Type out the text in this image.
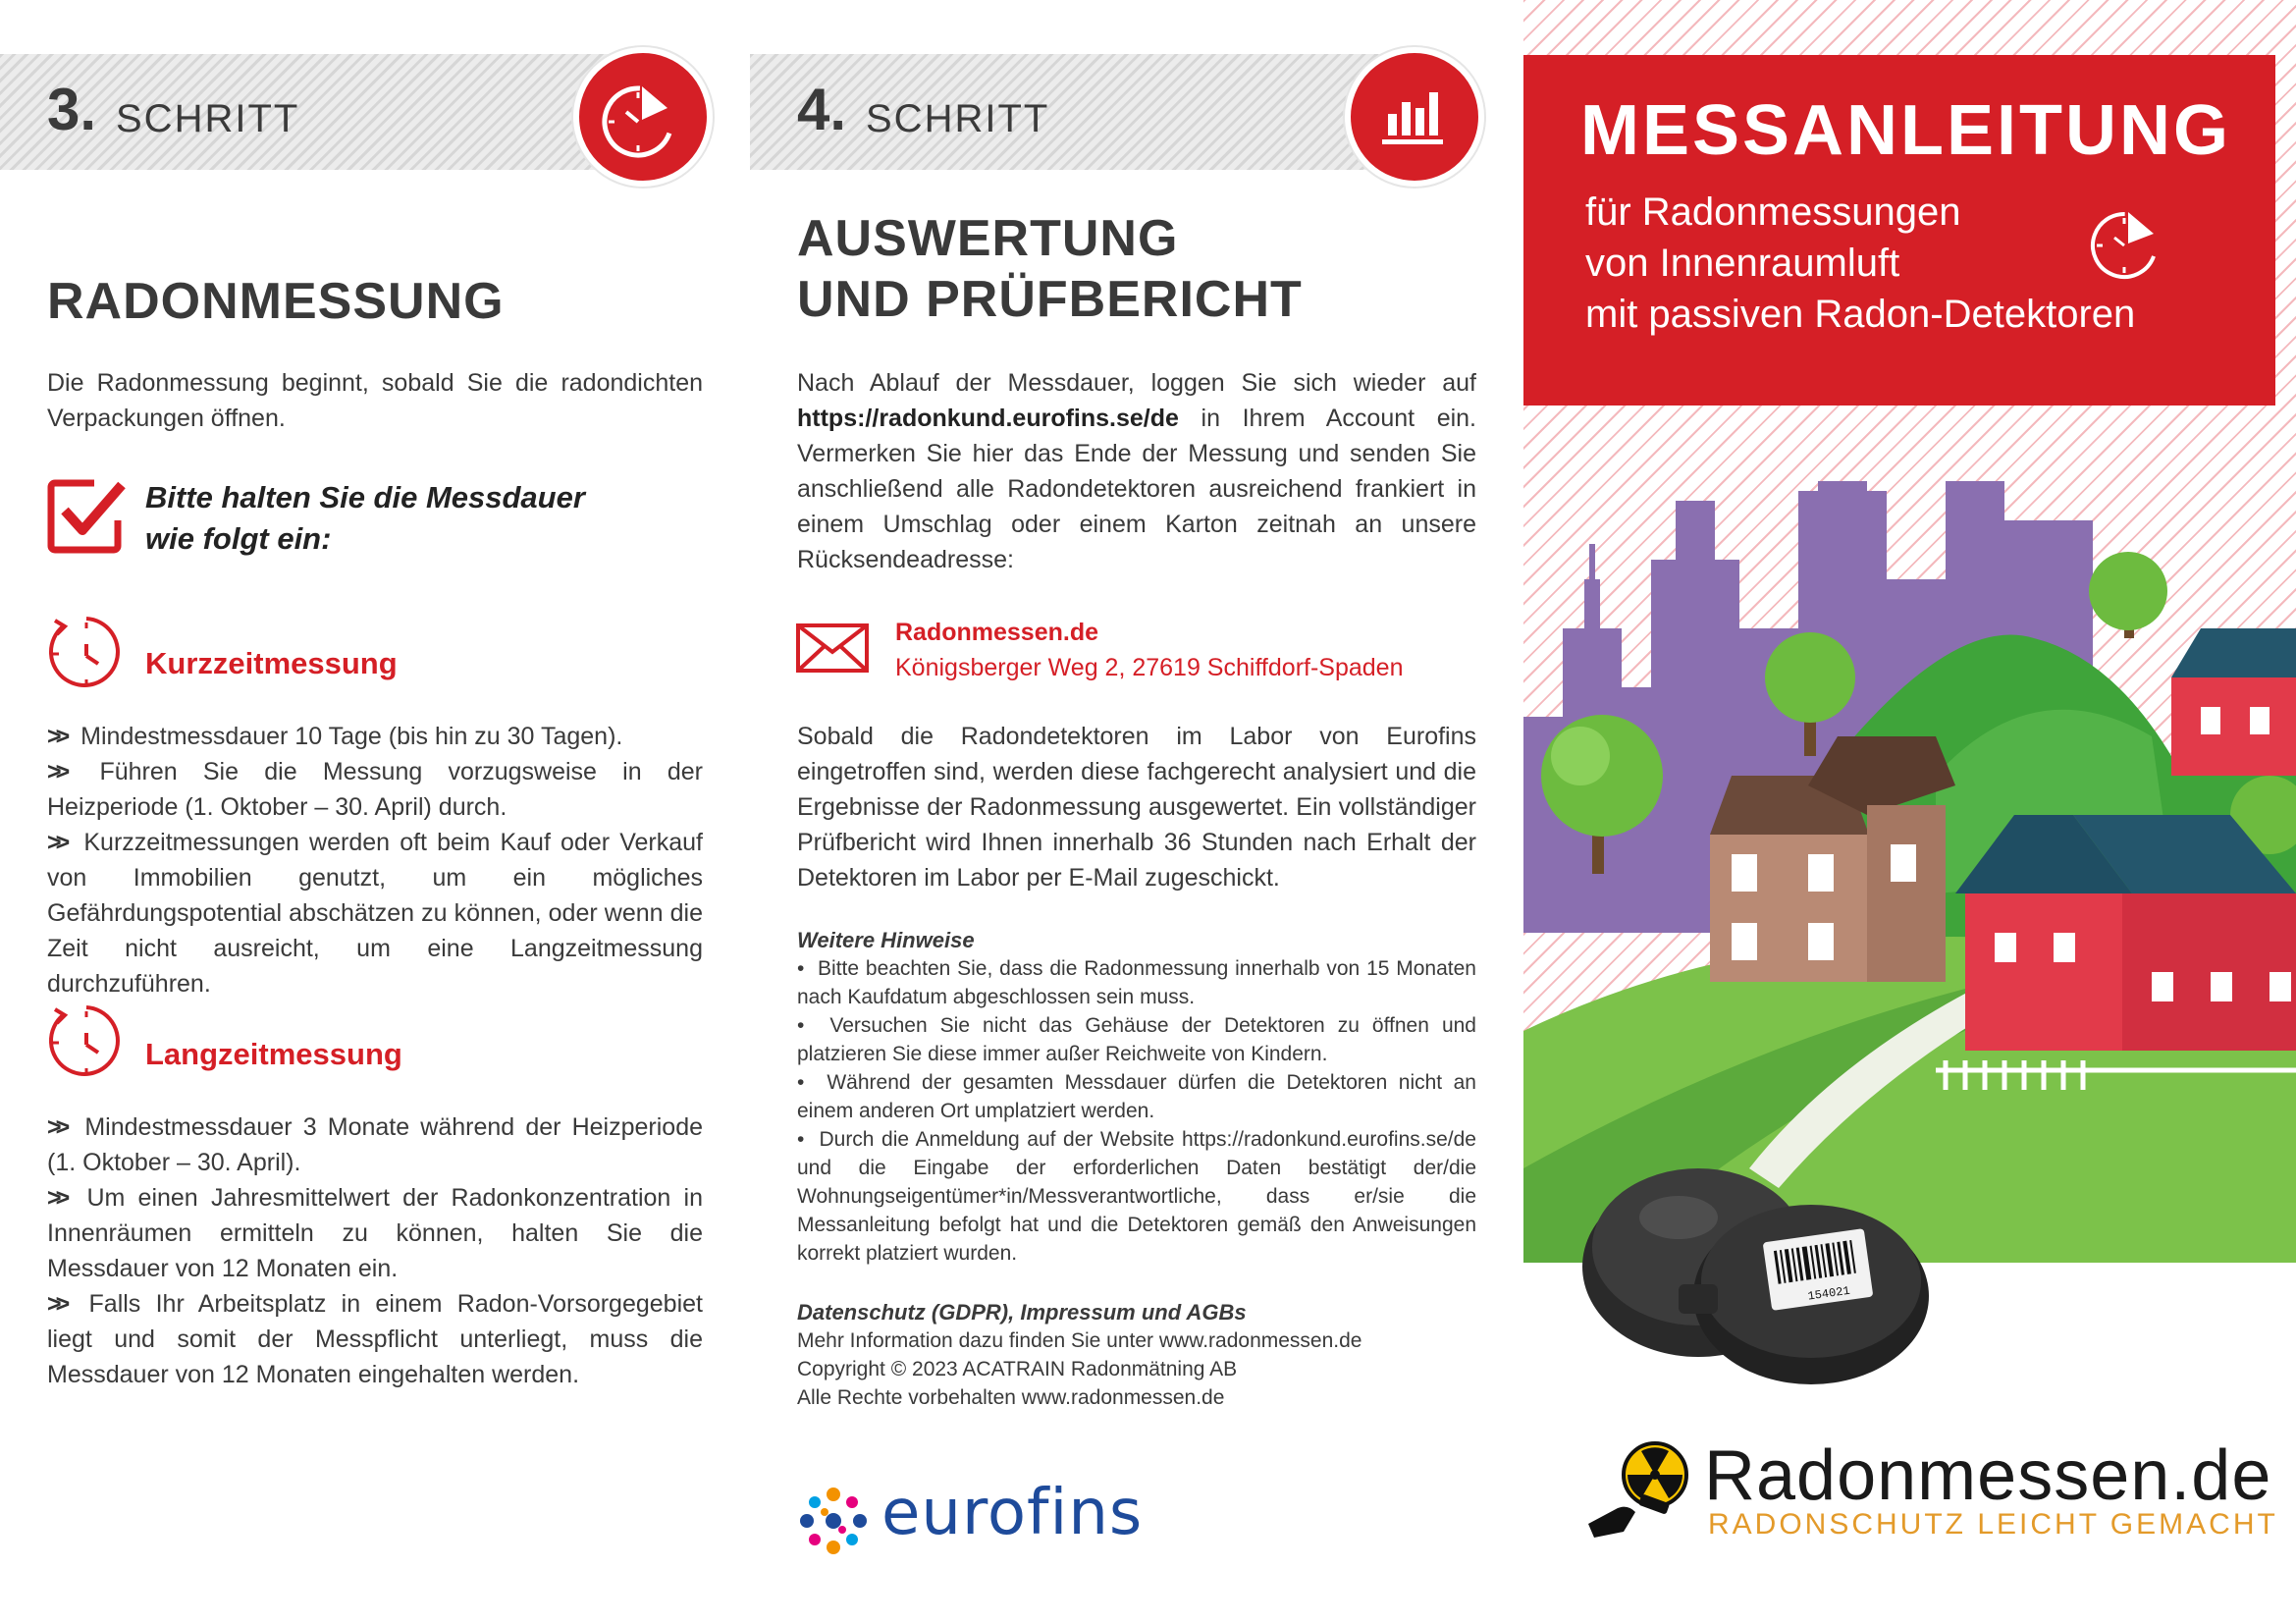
3. SCHRITT
RADONMESSUNG

Die Radonmessung beginnt, sobald Sie die radondichten Verpackungen öffnen.

Bitte halten Sie die Messdauer
wie folgt ein:
Kurzzeitmessung

>> Mindestmessdauer 10 Tage (bis hin zu 30 Tagen).

>> Führen Sie die Messung vorzugsweise in der Heizperiode (1. Oktober – 30. April) durch.

>> Kurzzeitmessungen werden oft beim Kauf oder Verkauf von Immobilien genutzt, um ein mögliches Gefährdungspotential abschätzen zu können, oder wenn die Zeit nicht ausreicht, um eine Langzeitmessung durchzuführen.

Langzeitmessung

>> Mindestmessdauer 3 Monate während der Heizperiode (1. Oktober – 30. April).

>> Um einen Jahresmittelwert der Radonkonzentration in Innenräumen ermitteln zu können, halten Sie die Messdauer von 12 Monaten ein.

>> Falls Ihr Arbeitsplatz in einem Radon-Vorsorgegebiet liegt und somit der Messpflicht unterliegt, muss die Messdauer von 12 Monaten eingehalten werden.

4. SCHRITT
AUSWERTUNG
UND PRÜFBERICHT

Nach Ablauf der Messdauer, loggen Sie sich wieder auf https://radonkund.eurofins.se/de in Ihrem Account ein. Vermerken Sie hier das Ende der Messung und senden Sie anschließend alle Radondetektoren ausreichend frankiert in einem Umschlag oder einem Karton zeitnah an unsere Rücksendeadresse:

Radonmessen.de
Königsberger Weg 2, 27619 Schiffdorf-Spaden

Sobald die Radondetektoren im Labor von Eurofins eingetroffen sind, werden diese fachgerecht analysiert und die Ergebnisse der Radonmessung ausgewertet. Ein vollständiger Prüfbericht wird Ihnen innerhalb 36 Stunden nach Erhalt der Detektoren im Labor per E-Mail zugeschickt.

Weitere Hinweise

•  Bitte beachten Sie, dass die Radonmessung innerhalb von 15 Monaten nach Kaufdatum abgeschlossen sein muss.

•  Versuchen Sie nicht das Gehäuse der Detektoren zu öffnen und platzieren Sie diese immer außer Reichweite von Kindern.

•  Während der gesamten Messdauer dürfen die Detektoren nicht an einem anderen Ort umplatziert werden.

•  Durch die Anmeldung auf der Website https://radonkund.eurofins.se/de und die Eingabe der erforderlichen Daten bestätigt der/die Wohnungseigentümer*in/Messverantwortliche, dass er/sie die Messanleitung befolgt hat und die Detektoren gemäß den Anweisungen korrekt platziert wurden.

Datenschutz (GDPR), Impressum und AGBs

Mehr Information dazu finden Sie unter www.radonmessen.de

Copyright © 2023 ACATRAIN Radonmätning AB

Alle Rechte vorbehalten www.radonmessen.de

eurofins
154021
MESSANLEITUNG
für Radonmessungen
von Innenraumluft
mit passiven Radon-Detektoren
Radonmessen.de
RADONSCHUTZ LEICHT GEMACHT
